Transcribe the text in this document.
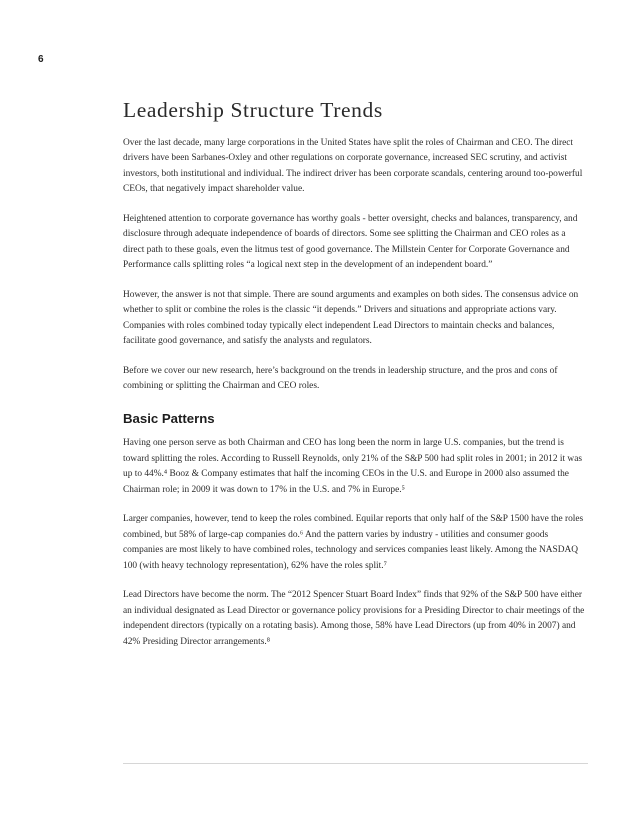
6
Leadership Structure Trends

Over the last decade, many large corporations in the United States have split the roles of Chairman and CEO. The direct drivers have been Sarbanes-Oxley and other regulations on corporate governance, increased SEC scrutiny, and activist investors, both institutional and individual. The indirect driver has been corporate scandals, centering around too-powerful CEOs, that negatively impact shareholder value.

Heightened attention to corporate governance has worthy goals - better oversight, checks and balances, transparency, and disclosure through adequate independence of boards of directors. Some see splitting the Chairman and CEO roles as a direct path to these goals, even the litmus test of good governance. The Millstein Center for Corporate Governance and Performance calls splitting roles “a logical next step in the development of an independent board.”

However, the answer is not that simple. There are sound arguments and examples on both sides. The consensus advice on whether to split or combine the roles is the classic “it depends.” Drivers and situations and appropriate actions vary. Companies with roles combined today typically elect independent Lead Directors to maintain checks and balances, facilitate good governance, and satisfy the analysts and regulators.

Before we cover our new research, here’s background on the trends in leadership structure, and the pros and cons of combining or splitting the Chairman and CEO roles.

Basic Patterns

Having one person serve as both Chairman and CEO has long been the norm in large U.S. companies, but the trend is toward splitting the roles. According to Russell Reynolds, only 21% of the S&P 500 had split roles in 2001; in 2012 it was up to 44%.⁴ Booz & Company estimates that half the incoming CEOs in the U.S. and Europe in 2000 also assumed the Chairman role; in 2009 it was down to 17% in the U.S. and 7% in Europe.⁵

Larger companies, however, tend to keep the roles combined. Equilar reports that only half of the S&P 1500 have the roles combined, but 58% of large-cap companies do.⁶ And the pattern varies by industry - utilities and consumer goods companies are most likely to have combined roles, technology and services companies least likely. Among the NASDAQ 100 (with heavy technology representation), 62% have the roles split.⁷

Lead Directors have become the norm. The “2012 Spencer Stuart Board Index” finds that 92% of the S&P 500 have either an individual designated as Lead Director or governance policy provisions for a Presiding Director to chair meetings of the independent directors (typically on a rotating basis). Among those, 58% have Lead Directors (up from 40% in 2007) and 42% Presiding Director arrangements.⁸
